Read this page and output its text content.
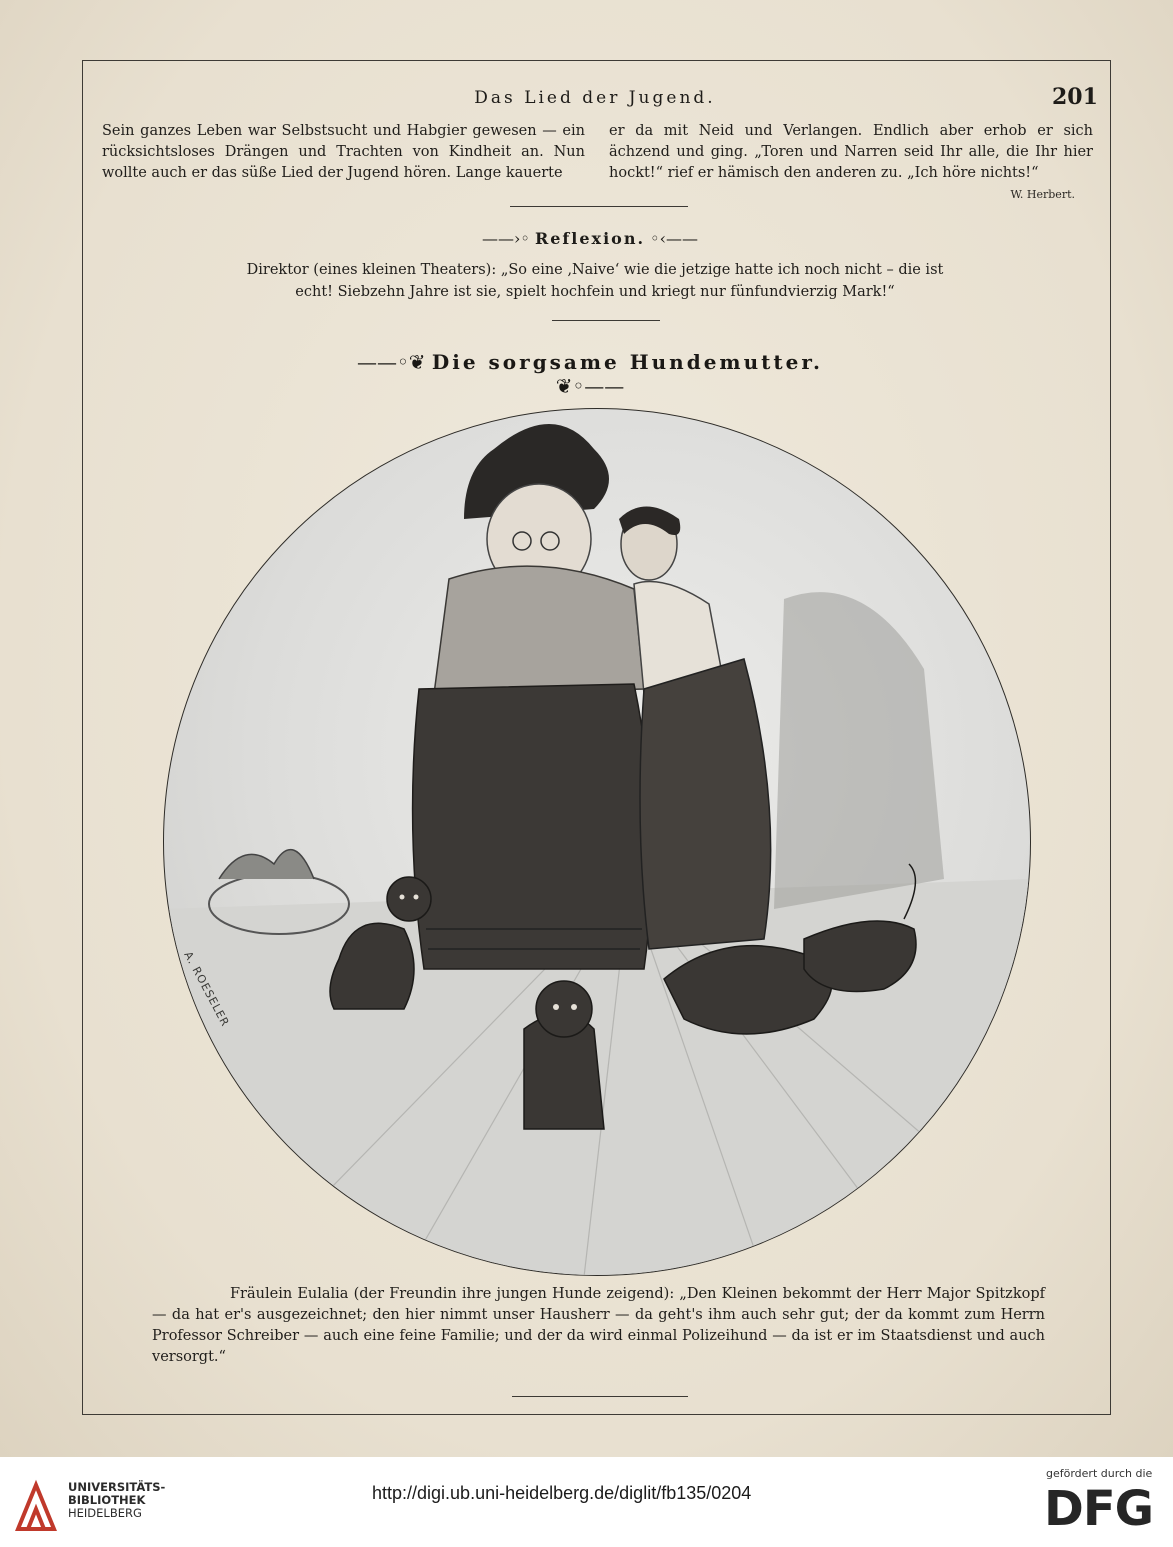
Das Lied der Jugend.	201
Sein ganzes Leben war Selbstsucht und Habgier gewesen — ein rücksichtsloses Drängen und Trachten von Kindheit an. Nun wollte auch er das süße Lied der Jugend hören. Lange kauerte
er da mit Neid und Verlangen. Endlich aber erhob er sich ächzend und ging. „Toren und Narren seid Ihr alle, die Ihr hier hockt!“ rief er hämisch den anderen zu. „Ich höre nichts!“
W. Herbert.
——›◦ Reflexion. ◦‹——
Direktor (eines kleinen Theaters): „So eine ‚Naive‘ wie die jetzige hatte ich noch nicht – die ist echt! Siebzehn Jahre ist sie, spielt hochfein und kriegt nur fünfundvierzig Mark!“
——◦❦ Die sorgsame Hundemutter. ❦◦——
A. ROESELER
Fräulein Eulalia (der Freundin ihre jungen Hunde zeigend): „Den Kleinen bekommt der Herr Major Spitzkopf — da hat er's ausgezeichnet; den hier nimmt unser Hausherr — da geht's ihm auch sehr gut; der da kommt zum Herrn Professor Schreiber — auch eine feine Familie; und der da wird einmal Polizeihund — da ist er im Staatsdienst und auch versorgt.“
UNIVERSITÄTS-
BIBLIOTHEK
HEIDELBERG
http://digi.ub.uni-heidelberg.de/diglit/fb135/0204
gefördert durch die
DFG
